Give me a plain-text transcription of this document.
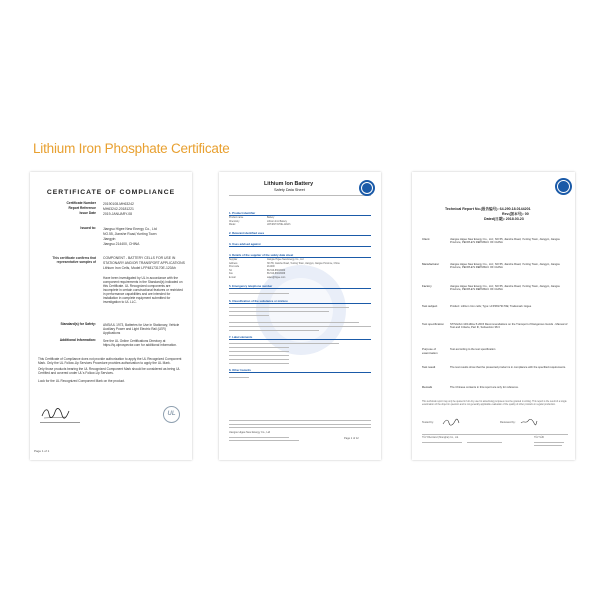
Lithium Iron Phosphate Certificate
CERTIFICATE OF COMPLIANCE
Certificate Number 20190108-MH63242
Report Reference MH63242-20181221
Issue Date 2019-JANUARY-08
Issued to: Jiangsu Higee New Energy Co., Ltd
NO.55, Jianshe Road,Yunting Town
Jiangyin
Jiangsu 214400, CHINA
This certificate confirms that representative samples of
COMPONENT - BATTERY CELLS FOR USE IN
STATIONARY AND/OR TRANSPORT APPLICATIONS
Lithium Iron Cells, Model LFP48173170E-120Ah
Have been investigated by UL in accordance with the component requirements in the Standard(s) indicated on this Certificate. UL Recognized components are incomplete in certain constructional features or restricted in performance capabilities and are intended for installation in complete equipment submitted for investigation to UL LLC.
Standard(s) for Safety: ANSI/UL 1973, Batteries for Use in Stationary, Vehicle Auxiliary Power and Light Electric Rail (LER) Applications
Additional Information: See the UL Online Certifications Directory at https://iq.ulprospector.com for additional information.
This Certificate of Compliance does not provide authorization to apply the UL Recognized Component Mark. Only the UL Follow-Up Services Procedure provides authorization to apply the UL Mark.
Only those products bearing the UL Recognized Component Mark should be considered as being UL Certified and covered under UL's Follow-Up Services.
Look for the UL Recognized Component Mark on the product.
UL
Page 1 of 1
Lithium Ion Battery
Safety Data Sheet
1. Product identifier
Product name	Battery
Chemistry	Lithium Iron Battery
Model	LFP48173170E-120Ah
2. Relevant identified uses
3. Uses advised against
4. Details of the supplier of the safety data sheet
Supplier	Jiangsu Higee New Energy Co., Ltd
Address	NO.55, Jianshe Road, Yunting Town, Jiangyin, Jiangsu Province, China
Post code	214400
Tel	86-510-86613960
Fax	86-510-86613969
E-mail	sales@higee.com
5. Emergency telephone number
6. Classification of the substance or mixture
7. Label elements
8. Other hazards
Jiangsu Higee New Energy Co., Ltd
Page 1 of 12
Technical Report No.(报告编号): 64.290.18.0144201
Rev.(版本号): 00
Dated(日期): 2018.03.23
Client	Jiangsu Higee New Energy Co., Ltd.; NO.55, Jianshe Road, Yunting Town, Jiangyin, Jiangsu Province, PEOPLE'S REPUBLIC OF CHINA
Manufacturer	Jiangsu Higee New Energy Co., Ltd.; NO.55, Jianshe Road, Yunting Town, Jiangyin, Jiangsu Province, PEOPLE'S REPUBLIC OF CHINA
Factory	Jiangsu Higee New Energy Co., Ltd.; NO.55, Jianshe Road, Yunting Town, Jiangyin, Jiangsu Province, PEOPLE'S REPUBLIC OF CHINA
Test subject	Product: Lithium Iron cells; Type: LFP48173170E; Trademark: Higee
Test specification	ST/SG/AC.10/11/Rev.6 2015 Recommendations on the Transport of Dangerous Goods - Manual of Test and Criteria, Part III, Subsection 38.3
Purpose of examination
Test according to the test specification
Test result	The test results show that the presented product is in compliance with the specified requirements.
Remark	The Chinese contents in this report are only for reference.
This technical report may only be quoted in full. Any use for advertising purposes must be granted in writing. This report is the result of a single examination of the object in question and is not generally applicable evaluation of the quality of other products in regular production.
Tested by:	Reviewed by:
TÜV Rheinland (Shanghai) Co., Ltd.	TÜV SÜD
